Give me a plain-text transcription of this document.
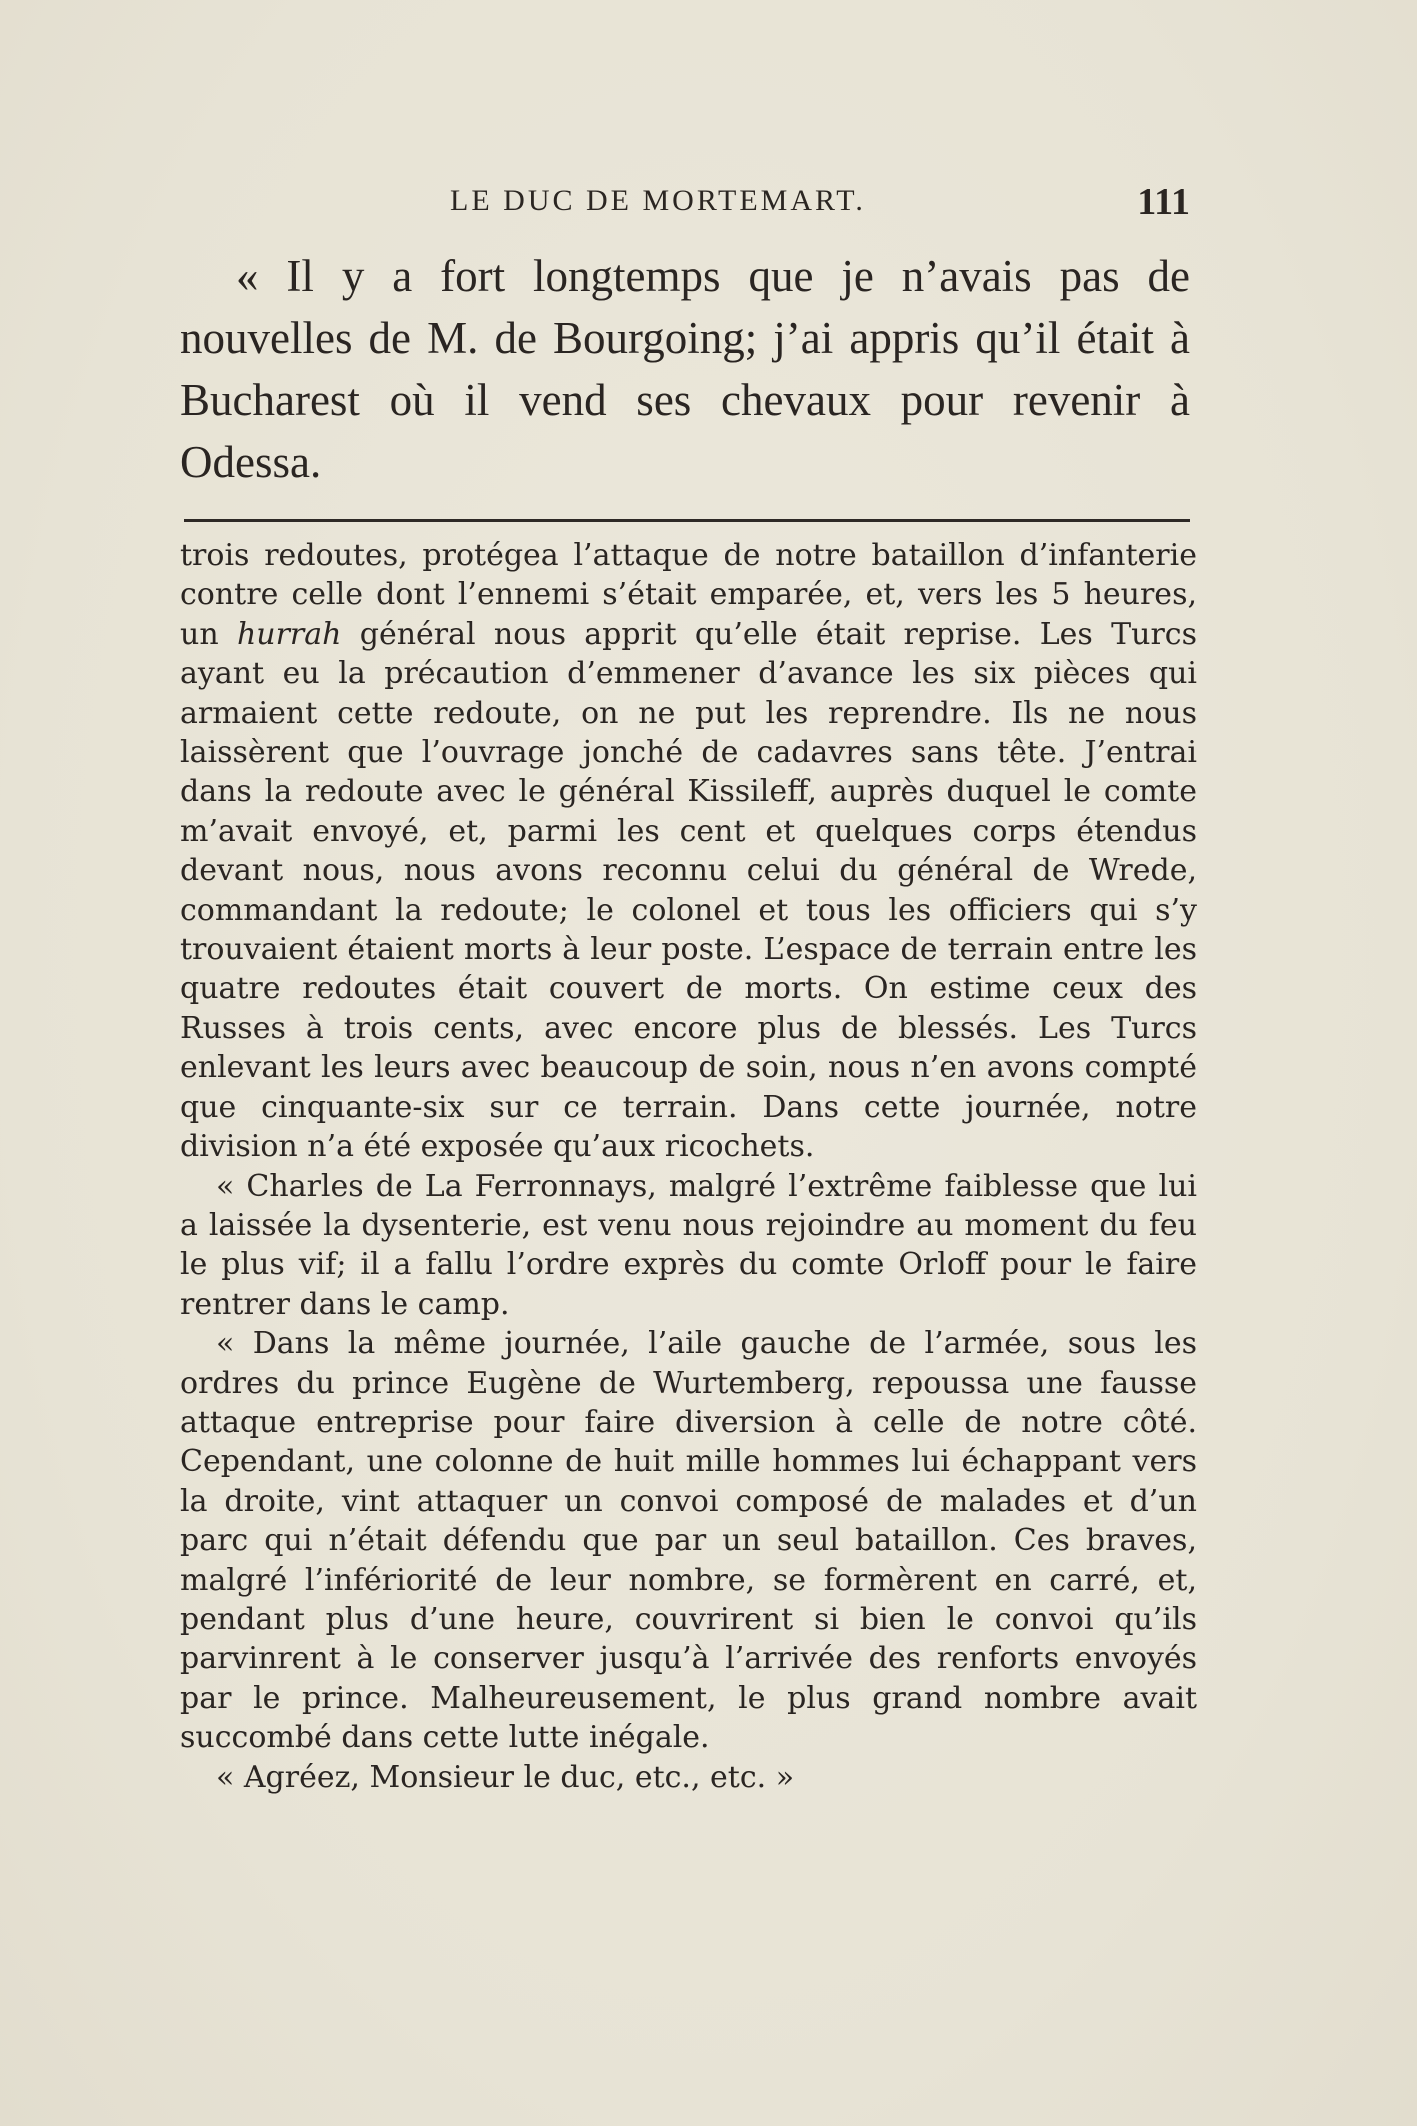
LE DUC DE MORTEMART.	111

« Il y a fort longtemps que je n’avais pas de nouvelles de M. de Bourgoing; j’ai appris qu’il était à Bucharest où il vend ses chevaux pour revenir à Odessa.

trois redoutes, protégea l’attaque de notre bataillon d’infanterie contre celle dont l’ennemi s’était emparée, et, vers les 5 heures, un hurrah général nous apprit qu’elle était reprise. Les Turcs ayant eu la précaution d’emmener d’avance les six pièces qui armaient cette redoute, on ne put les reprendre. Ils ne nous laissèrent que l’ouvrage jonché de cadavres sans tête. J’entrai dans la redoute avec le général Kissileff, auprès duquel le comte m’avait envoyé, et, parmi les cent et quelques corps étendus devant nous, nous avons reconnu celui du général de Wrede, commandant la redoute; le colonel et tous les officiers qui s’y trouvaient étaient morts à leur poste. L’espace de terrain entre les quatre redoutes était couvert de morts. On estime ceux des Russes à trois cents, avec encore plus de blessés. Les Turcs enlevant les leurs avec beaucoup de soin, nous n’en avons compté que cinquante-six sur ce terrain. Dans cette journée, notre division n’a été exposée qu’aux ricochets.

« Charles de La Ferronnays, malgré l’extrême faiblesse que lui a laissée la dysenterie, est venu nous rejoindre au moment du feu le plus vif; il a fallu l’ordre exprès du comte Orloff pour le faire rentrer dans le camp.

« Dans la même journée, l’aile gauche de l’armée, sous les ordres du prince Eugène de Wurtemberg, repoussa une fausse attaque entreprise pour faire diversion à celle de notre côté. Cependant, une colonne de huit mille hommes lui échappant vers la droite, vint attaquer un convoi composé de malades et d’un parc qui n’était défendu que par un seul bataillon. Ces braves, malgré l’infériorité de leur nombre, se formèrent en carré, et, pendant plus d’une heure, couvrirent si bien le convoi qu’ils parvinrent à le conserver jusqu’à l’arrivée des renforts envoyés par le prince. Malheureusement, le plus grand nombre avait succombé dans cette lutte inégale.

« Agréez, Monsieur le duc, etc., etc. »
